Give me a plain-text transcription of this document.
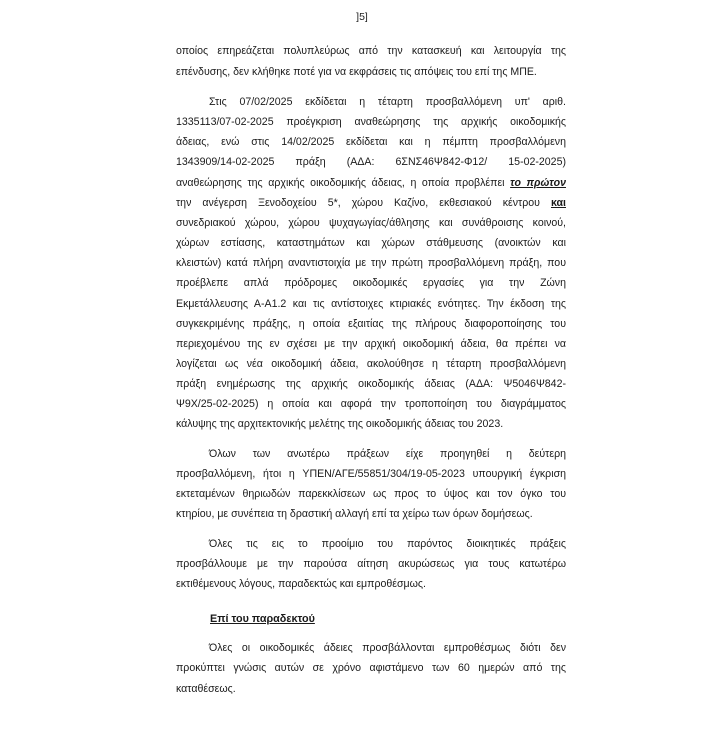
]5]
οποίος επηρεάζεται πολυπλεύρως από την κατασκευή και λειτουργία της
επένδυσης, δεν κλήθηκε ποτέ για να εκφράσεις τις απόψεις του επί της ΜΠΕ.
Στις 07/02/2025 εκδίδεται η τέταρτη προσβαλλόμενη υπ' αριθ.
1335113/07-02-2025 προέγκριση αναθεώρησης της αρχικής οικοδομικής
άδειας, ενώ στις 14/02/2025 εκδίδεται και η πέμπτη προσβαλλόμενη
1343909/14-02-2025 πράξη (ΑΔΑ: 6ΣΝΣ46Ψ842-Φ12/ 15-02-2025)
αναθεώρησης της αρχικής οικοδομικής άδειας, η οποία προβλέπει το πρώτον
την ανέγερση Ξενοδοχείου 5*, χώρου Καζίνο, εκθεσιακού κέντρου και
συνεδριακού χώρου, χώρου ψυχαγωγίας/άθλησης και συνάθροισης κοινού,
χώρων εστίασης, καταστημάτων και χώρων στάθμευσης (ανοικτών και
κλειστών) κατά πλήρη αναντιστοιχία με την πρώτη προσβαλλόμενη πράξη, που
προέβλεπε απλά πρόδρομες οικοδομικές εργασίες για την Ζώνη
Εκμετάλλευσης Α-Α1.2 και τις αντίστοιχες κτιριακές ενότητες. Την έκδοση της
συγκεκριμένης πράξης, η οποία εξαιτίας της πλήρους διαφοροποίησης του
περιεχομένου της εν σχέσει με την αρχική οικοδομική άδεια, θα πρέπει να
λογίζεται ως νέα οικοδομική άδεια, ακολούθησε η τέταρτη προσβαλλόμενη
πράξη ενημέρωσης της αρχικής οικοδομικής άδειας (ΑΔΑ: Ψ5046Ψ842-
Ψ9Χ/25-02-2025) η οποία και αφορά την τροποποίηση του διαγράμματος
κάλυψης της αρχιτεκτονικής μελέτης της οικοδομικής άδειας του 2023.
Όλων των ανωτέρω πράξεων είχε προηγηθεί η δεύτερη
προσβαλλόμενη, ήτοι η ΥΠΕΝ/ΑΓΕ/55851/304/19-05-2023 υπουργική έγκριση
εκτεταμένων θηριωδών παρεκκλίσεων ως προς το ύψος και τον όγκο του
κτηρίου, με συνέπεια τη δραστική αλλαγή επί τα χείρω των όρων δομήσεως.
Όλες τις εις το προοίμιο του παρόντος διοικητικές πράξεις
προσβάλλουμε με την παρούσα αίτηση ακυρώσεως για τους κατωτέρω
εκτιθέμενους λόγους, παραδεκτώς και εμπροθέσμως.
Επί του παραδεκτού
Όλες οι οικοδομικές άδειες προσβάλλονται εμπροθέσμως διότι δεν
προκύπτει γνώσις αυτών σε χρόνο αφιστάμενο των 60 ημερών από της
καταθέσεως.
